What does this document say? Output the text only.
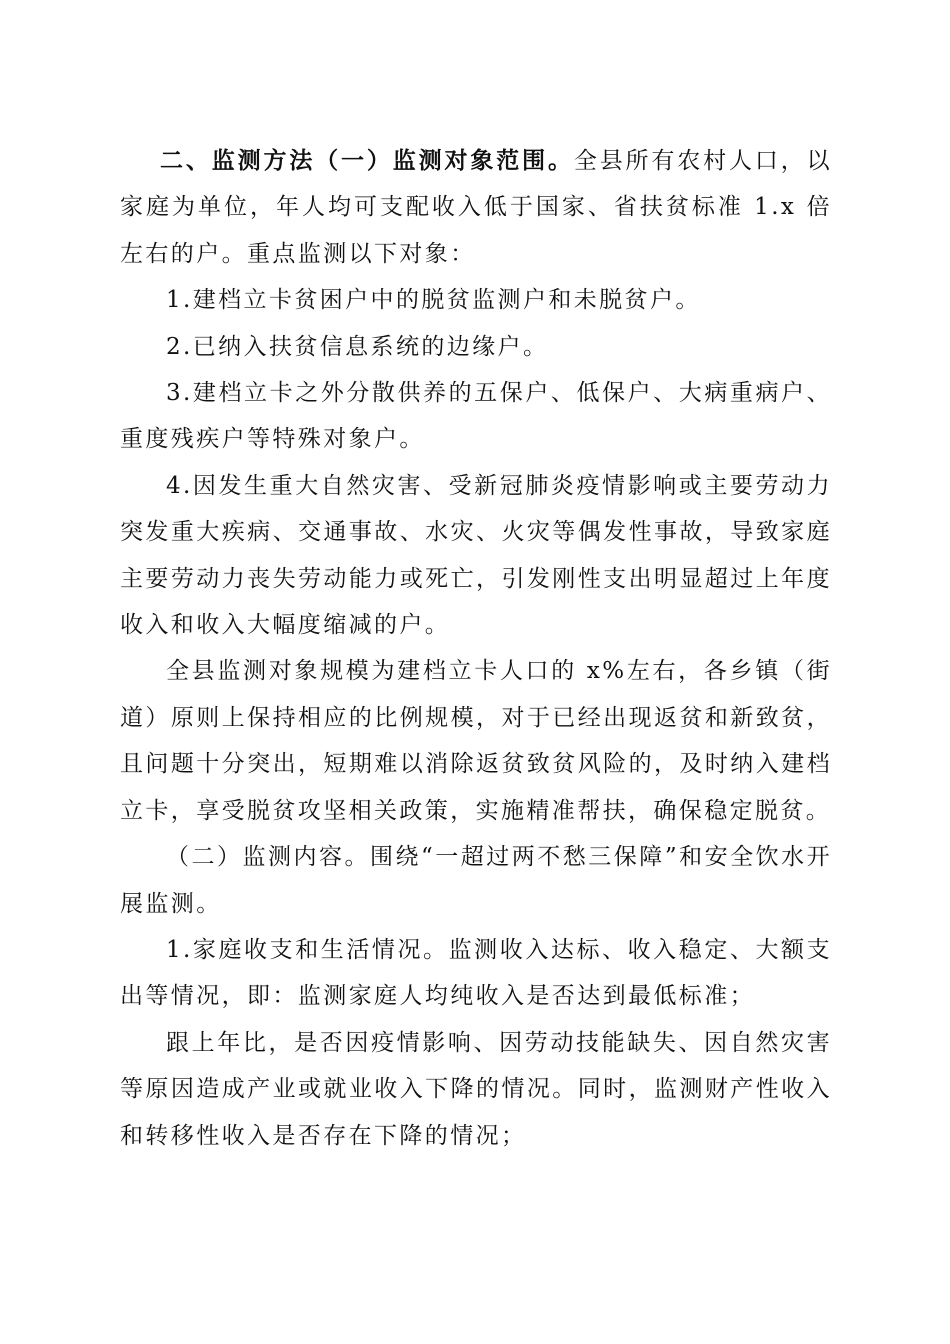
二、监测方法（一）监测对象范围。全县所有农村人口，以家庭为单位，年人均可支配收入低于国家、省扶贫标准 1.x 倍左右的户。重点监测以下对象：

1.建档立卡贫困户中的脱贫监测户和未脱贫户。

2.已纳入扶贫信息系统的边缘户。

3.建档立卡之外分散供养的五保户、低保户、大病重病户、重度残疾户等特殊对象户。

4.因发生重大自然灾害、受新冠肺炎疫情影响或主要劳动力突发重大疾病、交通事故、水灾、火灾等偶发性事故，导致家庭主要劳动力丧失劳动能力或死亡，引发刚性支出明显超过上年度收入和收入大幅度缩减的户。

全县监测对象规模为建档立卡人口的 x%左右，各乡镇（街道）原则上保持相应的比例规模，对于已经出现返贫和新致贫，且问题十分突出，短期难以消除返贫致贫风险的，及时纳入建档立卡，享受脱贫攻坚相关政策，实施精准帮扶，确保稳定脱贫。

（二）监测内容。围绕“一超过两不愁三保障”和安全饮水开展监测。

1.家庭收支和生活情况。监测收入达标、收入稳定、大额支出等情况，即：监测家庭人均纯收入是否达到最低标准；

跟上年比，是否因疫情影响、因劳动技能缺失、因自然灾害等原因造成产业或就业收入下降的情况。同时，监测财产性收入和转移性收入是否存在下降的情况；
